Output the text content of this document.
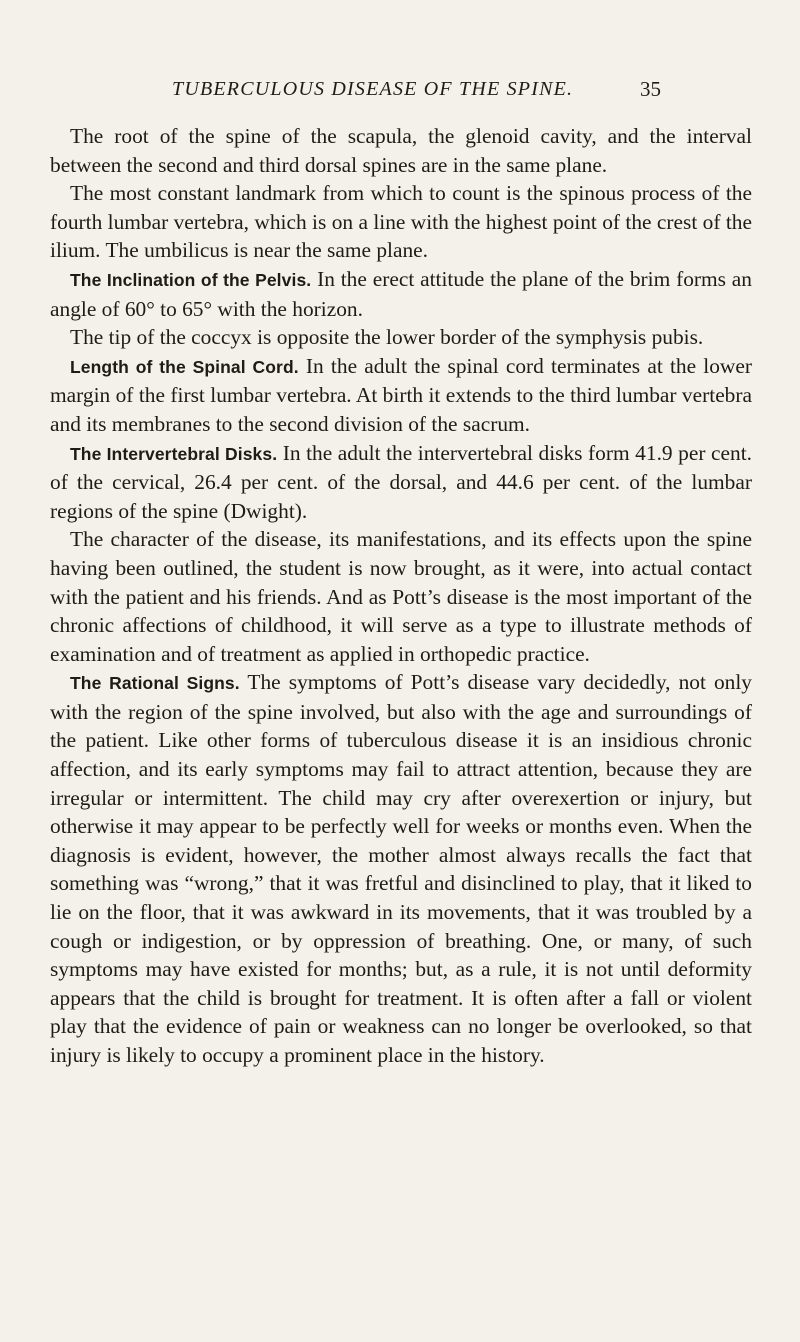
TUBERCULOUS DISEASE OF THE SPINE.	35

The root of the spine of the scapula, the glenoid cavity, and the interval between the second and third dorsal spines are in the same plane.

The most constant landmark from which to count is the spinous process of the fourth lumbar vertebra, which is on a line with the highest point of the crest of the ilium. The umbilicus is near the same plane.

The Inclination of the Pelvis. In the erect attitude the plane of the brim forms an angle of 60° to 65° with the horizon.

The tip of the coccyx is opposite the lower border of the symphysis pubis.

Length of the Spinal Cord. In the adult the spinal cord terminates at the lower margin of the first lumbar vertebra. At birth it extends to the third lumbar vertebra and its membranes to the second division of the sacrum.

The Intervertebral Disks. In the adult the intervertebral disks form 41.9 per cent. of the cervical, 26.4 per cent. of the dorsal, and 44.6 per cent. of the lumbar regions of the spine (Dwight).

The character of the disease, its manifestations, and its effects upon the spine having been outlined, the student is now brought, as it were, into actual contact with the patient and his friends. And as Pott’s disease is the most important of the chronic affections of childhood, it will serve as a type to illustrate methods of examination and of treatment as applied in orthopedic practice.

The Rational Signs. The symptoms of Pott’s disease vary decidedly, not only with the region of the spine involved, but also with the age and surroundings of the patient. Like other forms of tuberculous disease it is an insidious chronic affection, and its early symptoms may fail to attract attention, because they are irregular or intermittent. The child may cry after overexertion or injury, but otherwise it may appear to be perfectly well for weeks or months even. When the diagnosis is evident, however, the mother almost always recalls the fact that something was “wrong,” that it was fretful and disinclined to play, that it liked to lie on the floor, that it was awkward in its movements, that it was troubled by a cough or indigestion, or by oppression of breathing. One, or many, of such symptoms may have existed for months; but, as a rule, it is not until deformity appears that the child is brought for treatment. It is often after a fall or violent play that the evidence of pain or weakness can no longer be overlooked, so that injury is likely to occupy a prominent place in the history.
